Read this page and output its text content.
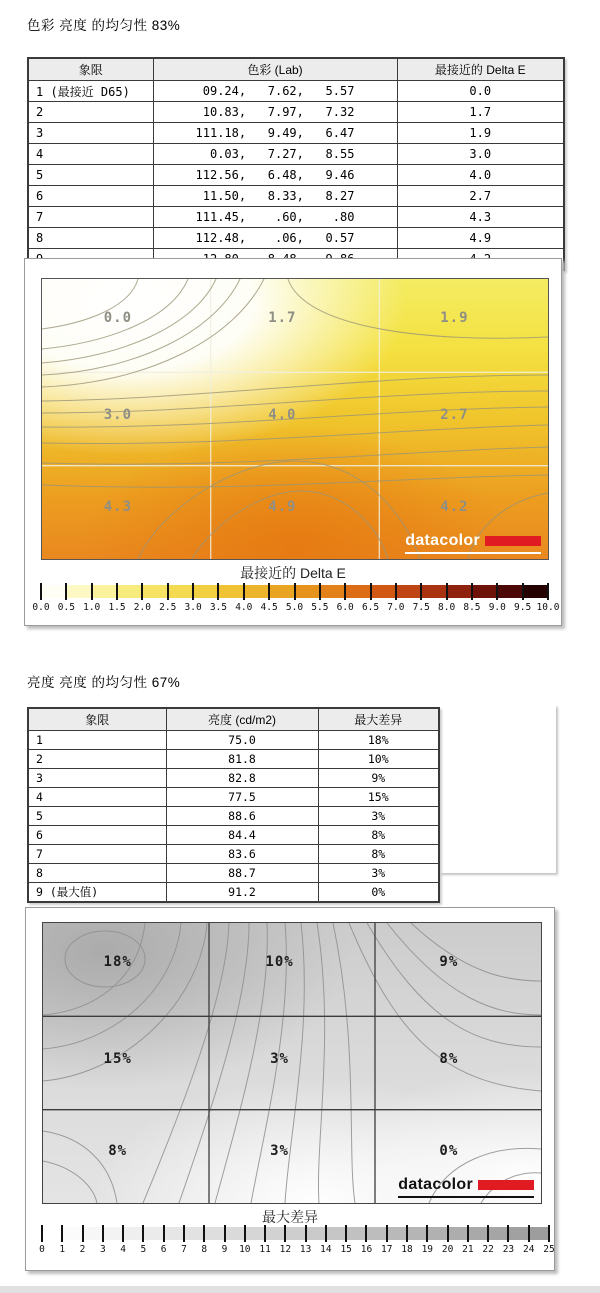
色彩 亮度 的均匀性 83%
象限	色彩 (Lab)	最接近的 Delta E
1 (最接近 D65)	09.24,   7.62,   5.57	0.0
2	10.83,   7.97,   7.32	1.7
3	111.18,   9.49,   6.47	1.9
4	0.03,   7.27,   8.55	3.0
5	112.56,   6.48,   9.46	4.0
6	11.50,   8.33,   8.27	2.7
7	111.45,    .60,    .80	4.3
8	112.48,    .06,   0.57	4.9

0.0	1.7	1.9
3.0	4.0	2.7
4.3	4.9	4.2
datacolor
最接近的 Delta E
0.0 0.5 1.0 1.5 2.0 2.5 3.0 3.5 4.0 4.5 5.0 5.5 6.0 6.5 7.0 7.5 8.0 8.5 9.0 9.5 10.0
亮度 亮度 的均匀性 67%
象限	亮度 (cd/m2)	最大差异
1	75.0	18%
2	81.8	10%
3	82.8	9%
4	77.5	15%
5	88.6	3%
6	84.4	8%
7	83.6	8%
8	88.7	3%
9 (最大值)	91.2	0%
18%	10%	9%
15%	3%	8%
8%	3%	0%
datacolor
最大差异
0 1 2 3 4 5 6 7 8 9 10 11 12 13 14 15 16 17 18 19 20 21 22 23 24 25
